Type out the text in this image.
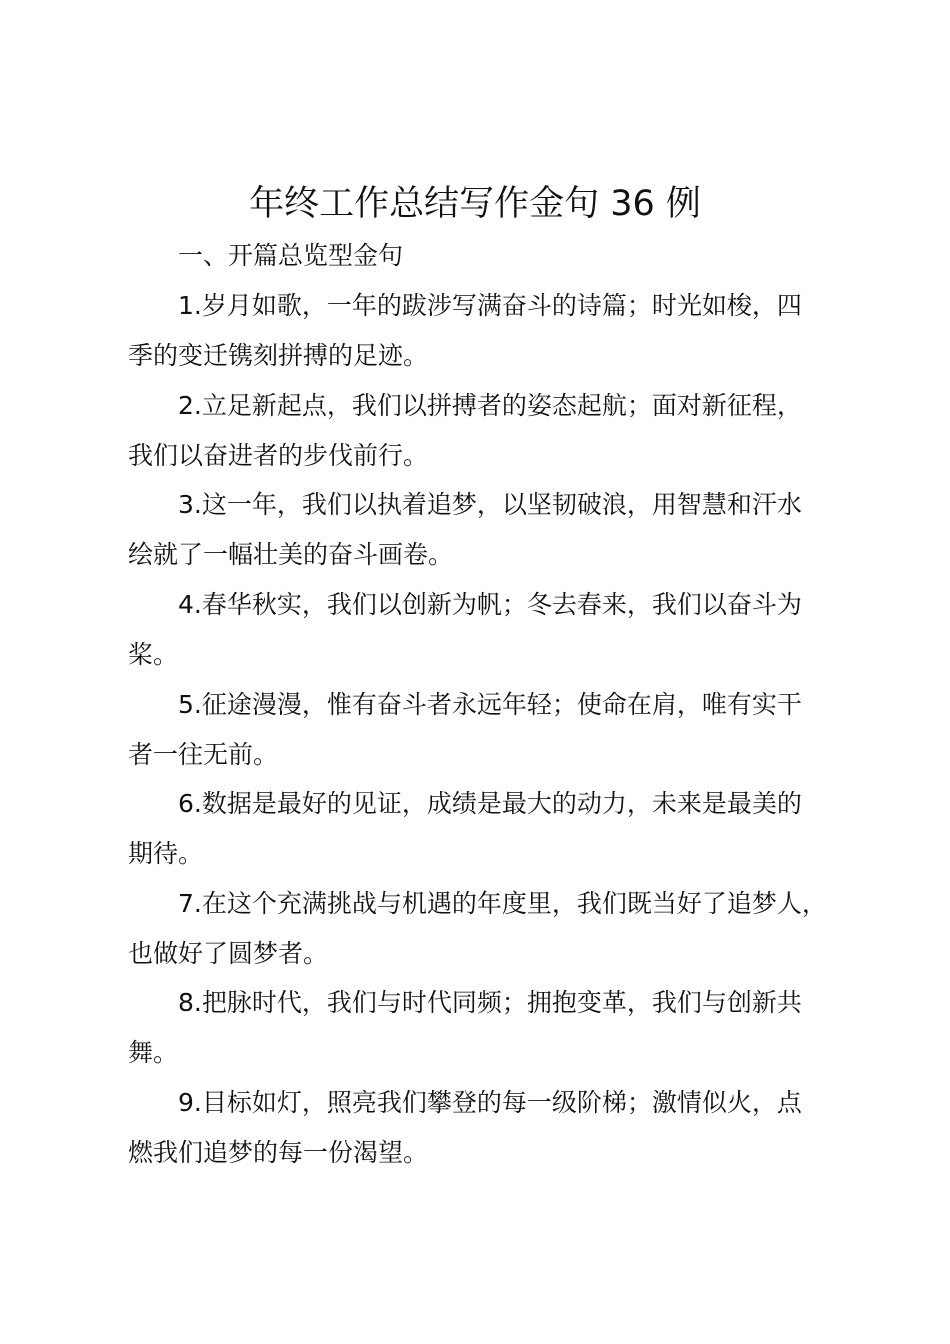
年终工作总结写作金句 36 例

一、开篇总览型金句

1.岁月如歌，一年的跋涉写满奋斗的诗篇；时光如梭，四

季的变迁镌刻拼搏的足迹。

2.立足新起点，我们以拼搏者的姿态起航；面对新征程，

我们以奋进者的步伐前行。

3.这一年，我们以执着追梦，以坚韧破浪，用智慧和汗水

绘就了一幅壮美的奋斗画卷。

4.春华秋实，我们以创新为帆；冬去春来，我们以奋斗为

桨。

5.征途漫漫，惟有奋斗者永远年轻；使命在肩，唯有实干

者一往无前。

6.数据是最好的见证，成绩是最大的动力，未来是最美的

期待。

7.在这个充满挑战与机遇的年度里，我们既当好了追梦人，

也做好了圆梦者。

8.把脉时代，我们与时代同频；拥抱变革，我们与创新共

舞。

9.目标如灯，照亮我们攀登的每一级阶梯；激情似火，点

燃我们追梦的每一份渴望。
